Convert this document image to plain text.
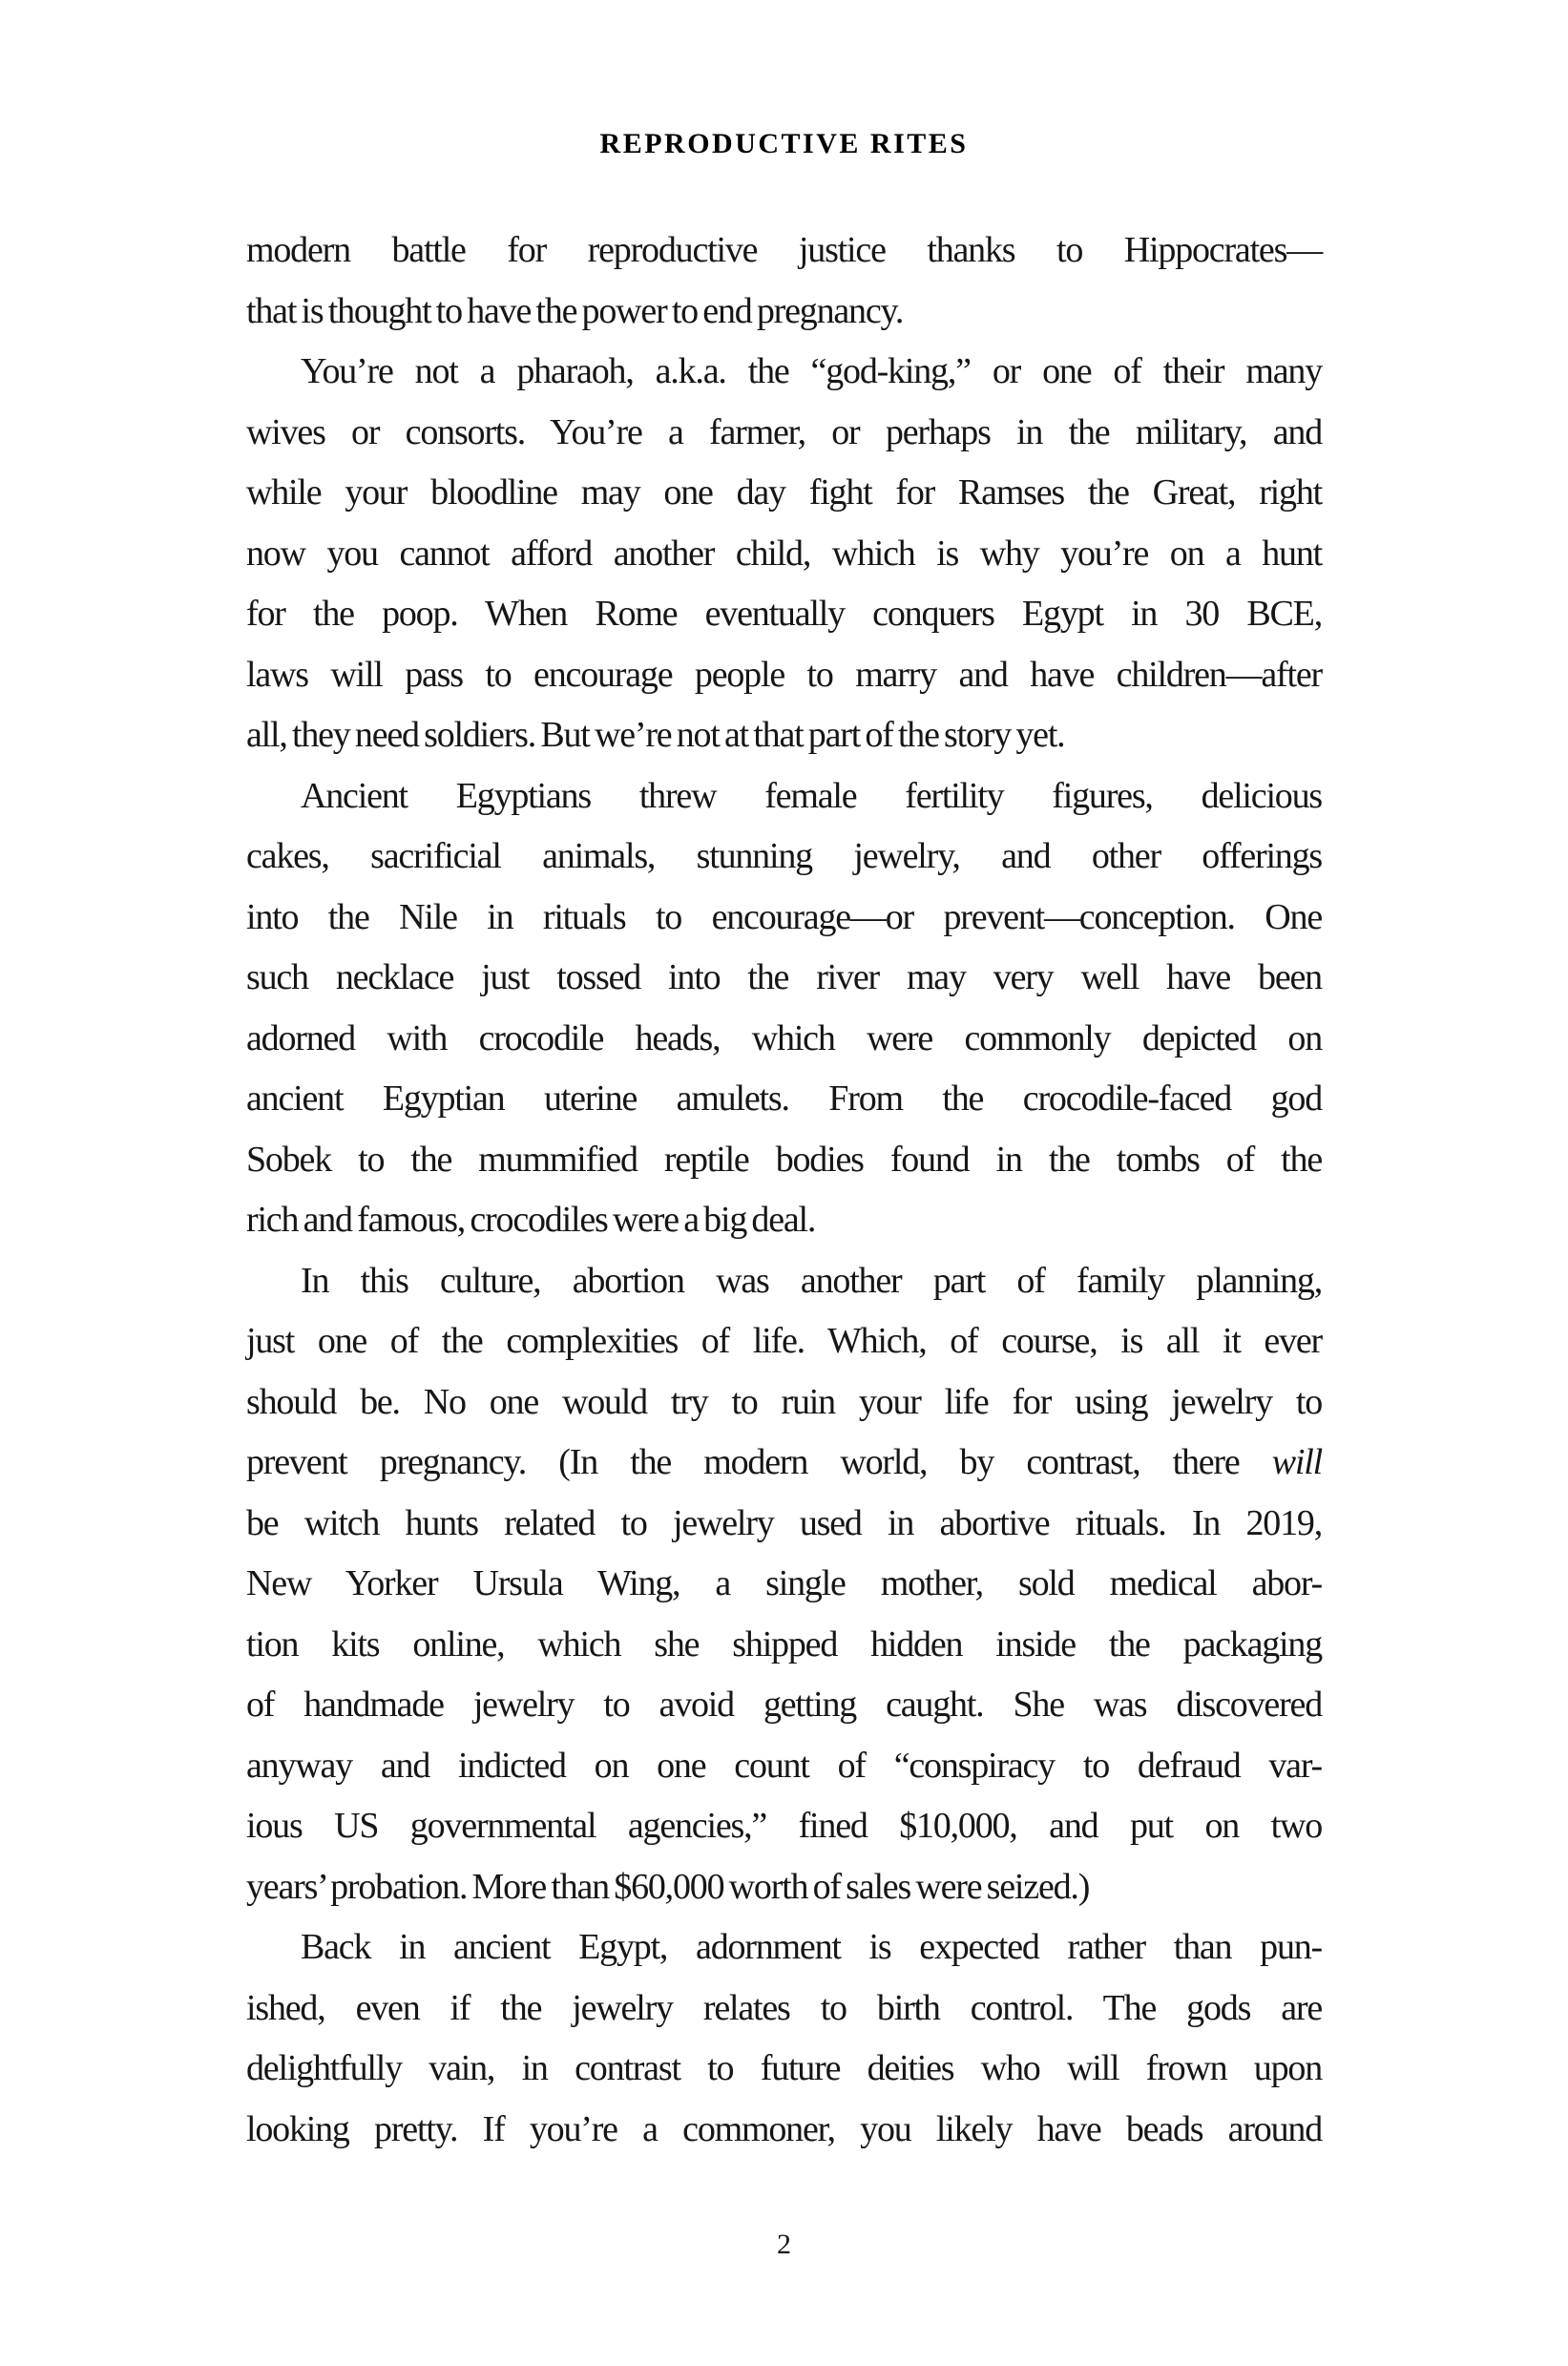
REPRODUCTIVE RITES
modern battle for reproductive justice thanks to Hippocrates—
that is thought to have the power to end pregnancy.
You’re not a pharaoh, a.k.a. the “god-king,” or one of their many
wives or consorts. You’re a farmer, or perhaps in the military, and
while your bloodline may one day fight for Ramses the Great, right
now you cannot afford another child, which is why you’re on a hunt
for the poop. When Rome eventually conquers Egypt in 30 BCE,
laws will pass to encourage people to marry and have children—after
all, they need soldiers. But we’re not at that part of the story yet.
Ancient Egyptians threw female fertility figures, delicious
cakes, sacrificial animals, stunning jewelry, and other offerings
into the Nile in rituals to encourage—or prevent—conception. One
such necklace just tossed into the river may very well have been
adorned with crocodile heads, which were commonly depicted on
ancient Egyptian uterine amulets. From the crocodile-faced god
Sobek to the mummified reptile bodies found in the tombs of the
rich and famous, crocodiles were a big deal.
In this culture, abortion was another part of family planning,
just one of the complexities of life. Which, of course, is all it ever
should be. No one would try to ruin your life for using jewelry to
prevent pregnancy. (In the modern world, by contrast, there will
be witch hunts related to jewelry used in abortive rituals. In 2019,
New Yorker Ursula Wing, a single mother, sold medical abor-
tion kits online, which she shipped hidden inside the packaging
of handmade jewelry to avoid getting caught. She was discovered
anyway and indicted on one count of “conspiracy to defraud var-
ious US governmental agencies,” fined $10,000, and put on two
years’ probation. More than $60,000 worth of sales were seized.)
Back in ancient Egypt, adornment is expected rather than pun-
ished, even if the jewelry relates to birth control. The gods are
delightfully vain, in contrast to future deities who will frown upon
looking pretty. If you’re a commoner, you likely have beads around
2
